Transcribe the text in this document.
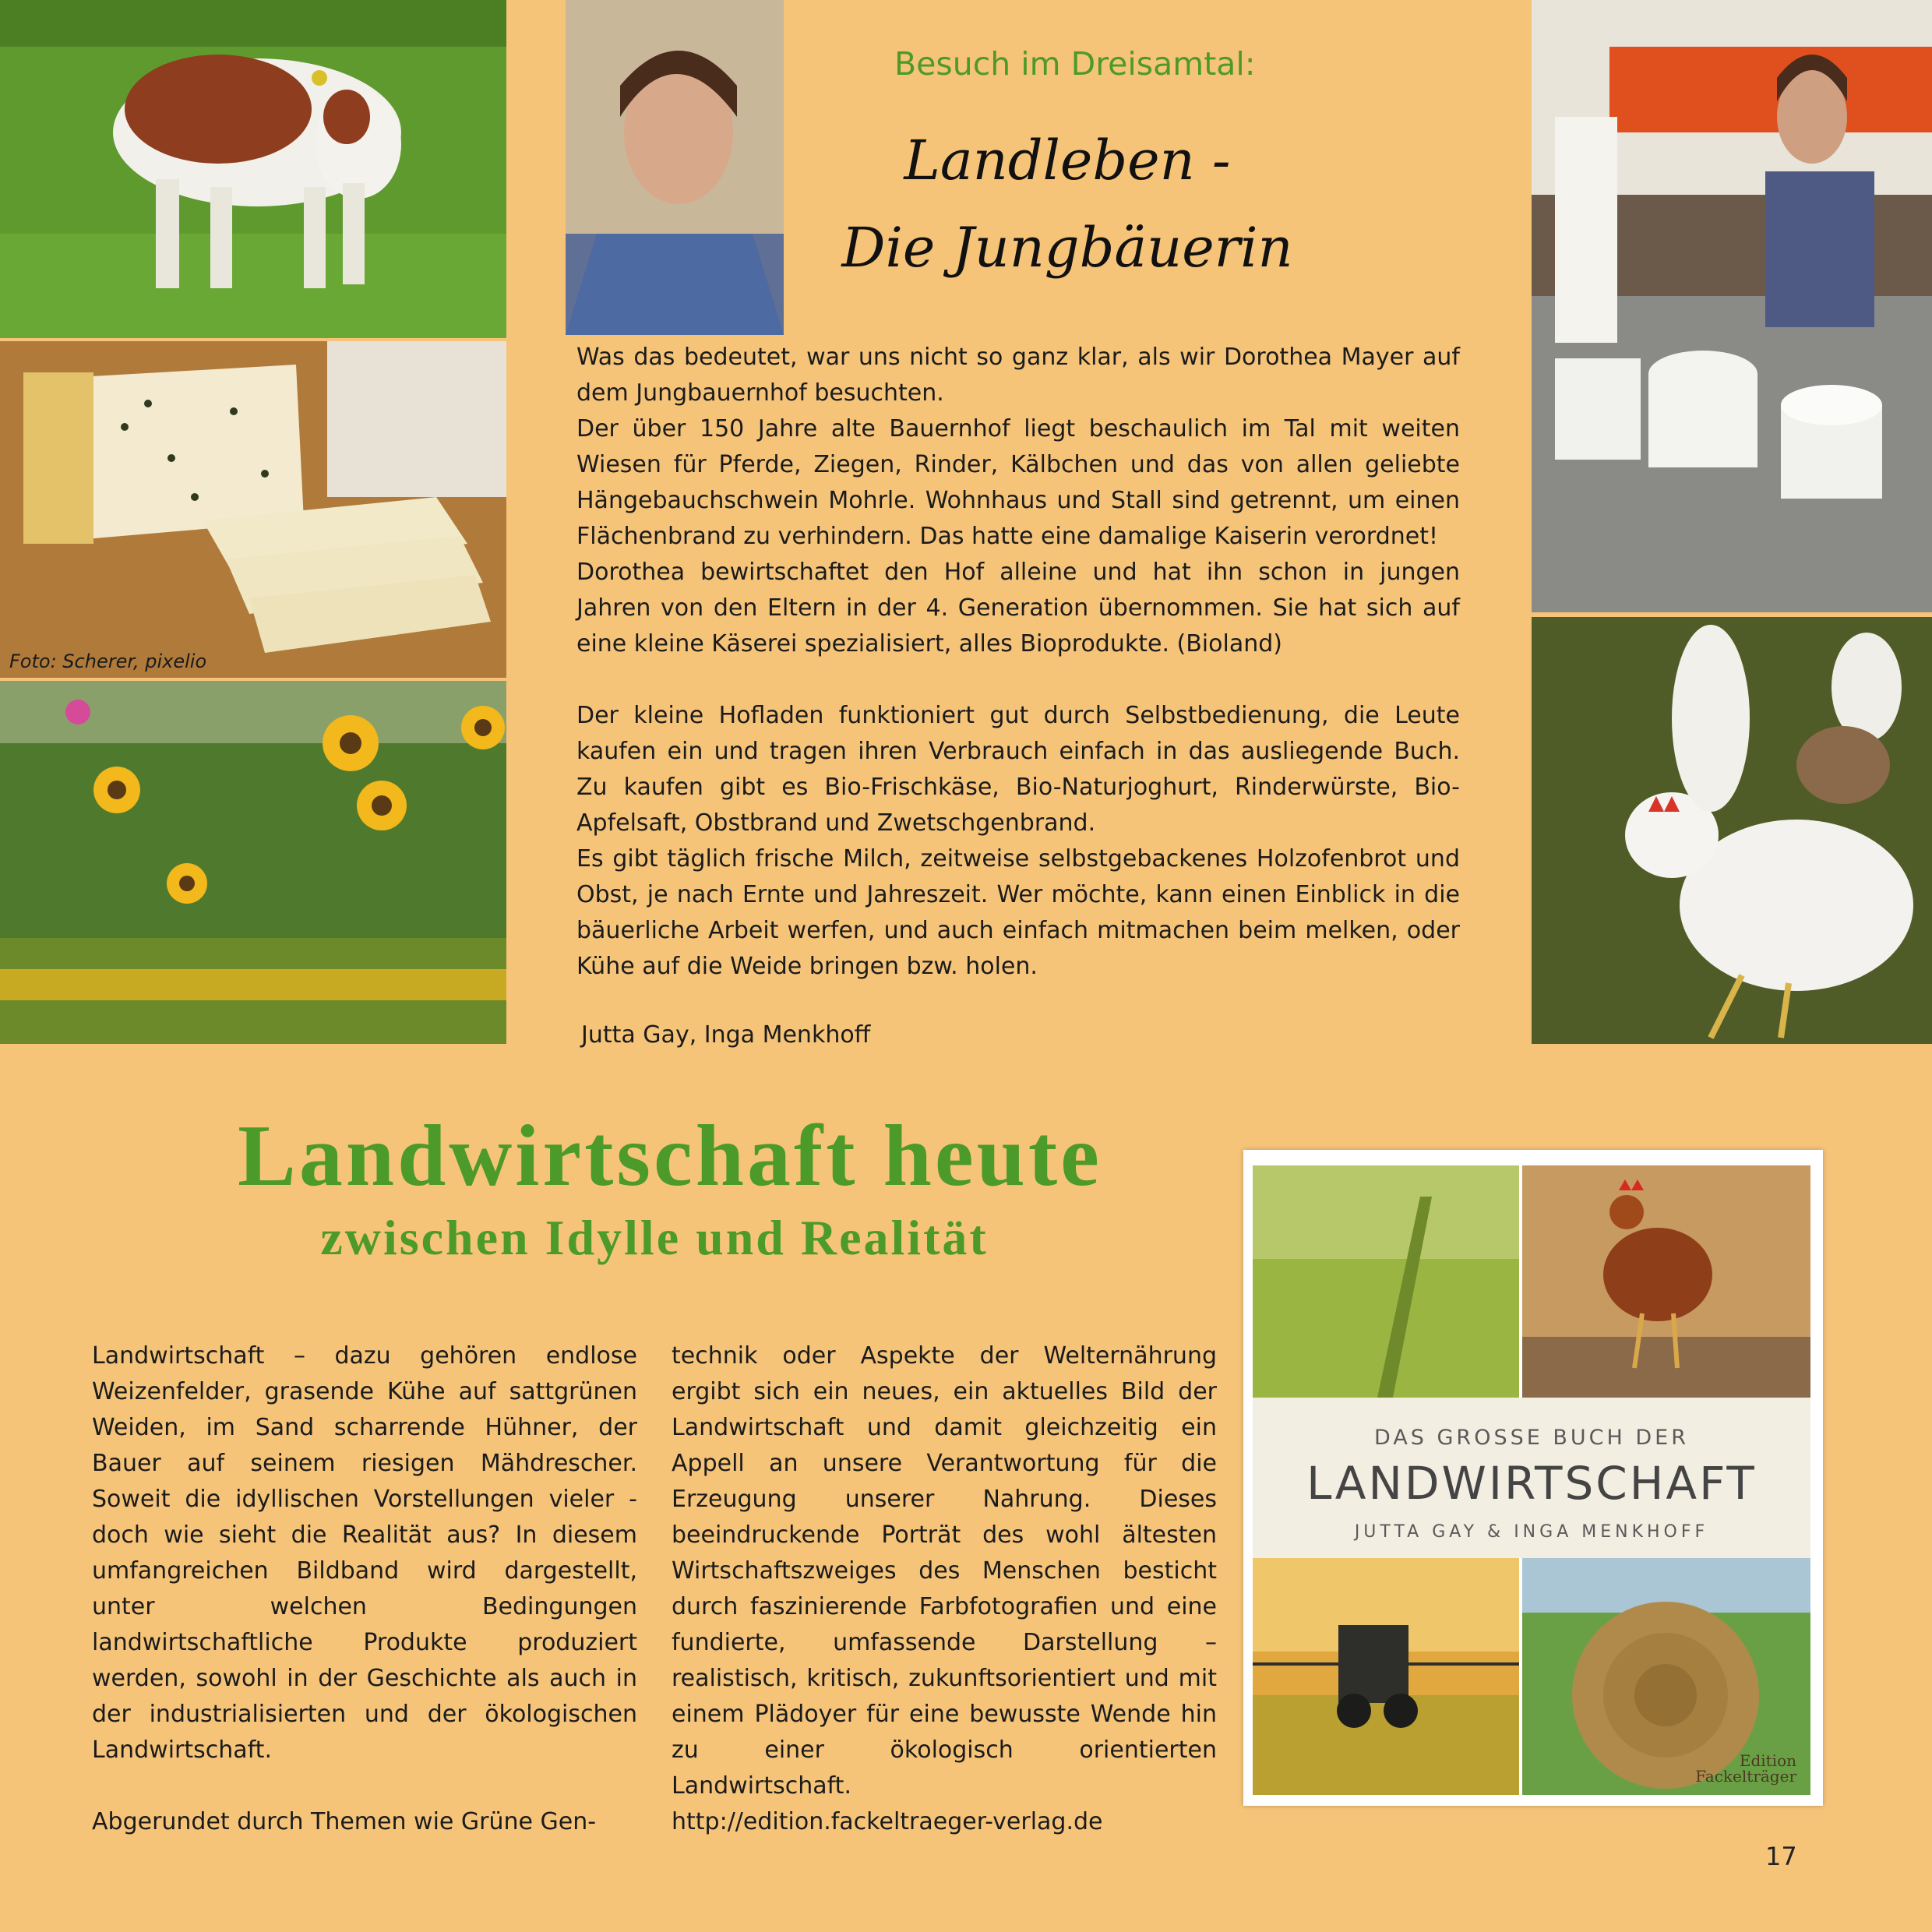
Foto: Scherer, pixelio
Besuch im Dreisamtal:
Landleben -
Die Jungbäuerin

Was das bedeutet, war uns nicht so ganz klar, als wir Dorothea Mayer auf dem Jungbauernhof besuchten.

Der über 150 Jahre alte Bauernhof liegt beschaulich im Tal mit weiten Wiesen für Pferde, Ziegen, Rinder, Kälbchen und das von allen geliebte Hängebauchschwein Mohrle. Wohnhaus und Stall sind getrennt, um einen Flächenbrand zu verhindern. Das hatte eine damalige Kaiserin verordnet!

Dorothea bewirtschaftet den Hof alleine und hat ihn schon in jungen Jahren von den Eltern in der 4. Generation übernommen. Sie hat sich auf eine kleine Käserei spezialisiert, alles Bioprodukte. (Bioland)

Der kleine Hofladen funktioniert gut durch Selbstbedienung, die Leute kaufen ein und tragen ihren Verbrauch einfach in das ausliegende Buch. Zu kaufen gibt es Bio-Frischkäse, Bio-Naturjoghurt, Rinderwürste, Bio-Apfelsaft, Obstbrand und Zwetschgenbrand.

Es gibt täglich frische Milch, zeitweise selbstgebackenes Holzofenbrot und Obst, je nach Ernte und Jahreszeit. Wer möchte, kann einen Einblick in die bäuerliche Arbeit werfen, und auch einfach mitmachen beim melken, oder Kühe auf die Weide bringen bzw. holen.

Jutta Gay, Inga Menkhoff
Landwirtschaft heute
zwischen Idylle und Realität

Landwirtschaft – dazu gehören endlose Weizenfelder, grasende Kühe auf sattgrünen Weiden, im Sand scharrende Hühner, der Bauer auf seinem riesigen Mähdrescher. Soweit die idyllischen Vorstellungen vieler - doch wie sieht die Realität aus? In diesem umfangreichen Bildband wird dargestellt, unter welchen Bedingungen landwirtschaftliche Produkte produziert werden, sowohl in der Geschichte als auch in der industrialisierten und der ökologischen Landwirtschaft.

Abgerundet durch Themen wie Grüne Gen-

technik oder Aspekte der Welternährung ergibt sich ein neues, ein aktuelles Bild der Landwirtschaft und damit gleichzeitig ein Appell an unsere Verantwortung für die Erzeugung unserer Nahrung. Dieses beeindruckende Porträt des wohl ältesten Wirtschaftszweiges des Menschen besticht durch faszinierende Farbfotografien und eine fundierte, umfassende Darstellung – realistisch, kritisch, zukunftsorientiert und mit einem Plädoyer für eine bewusste Wende hin zu einer ökologisch orientierten Landwirtschaft.

http://edition.fackeltraeger-verlag.de

DAS GROSSE BUCH DER
LANDWIRTSCHAFT
JUTTA GAY & INGA MENKHOFF
Edition
Fackelträger
17
